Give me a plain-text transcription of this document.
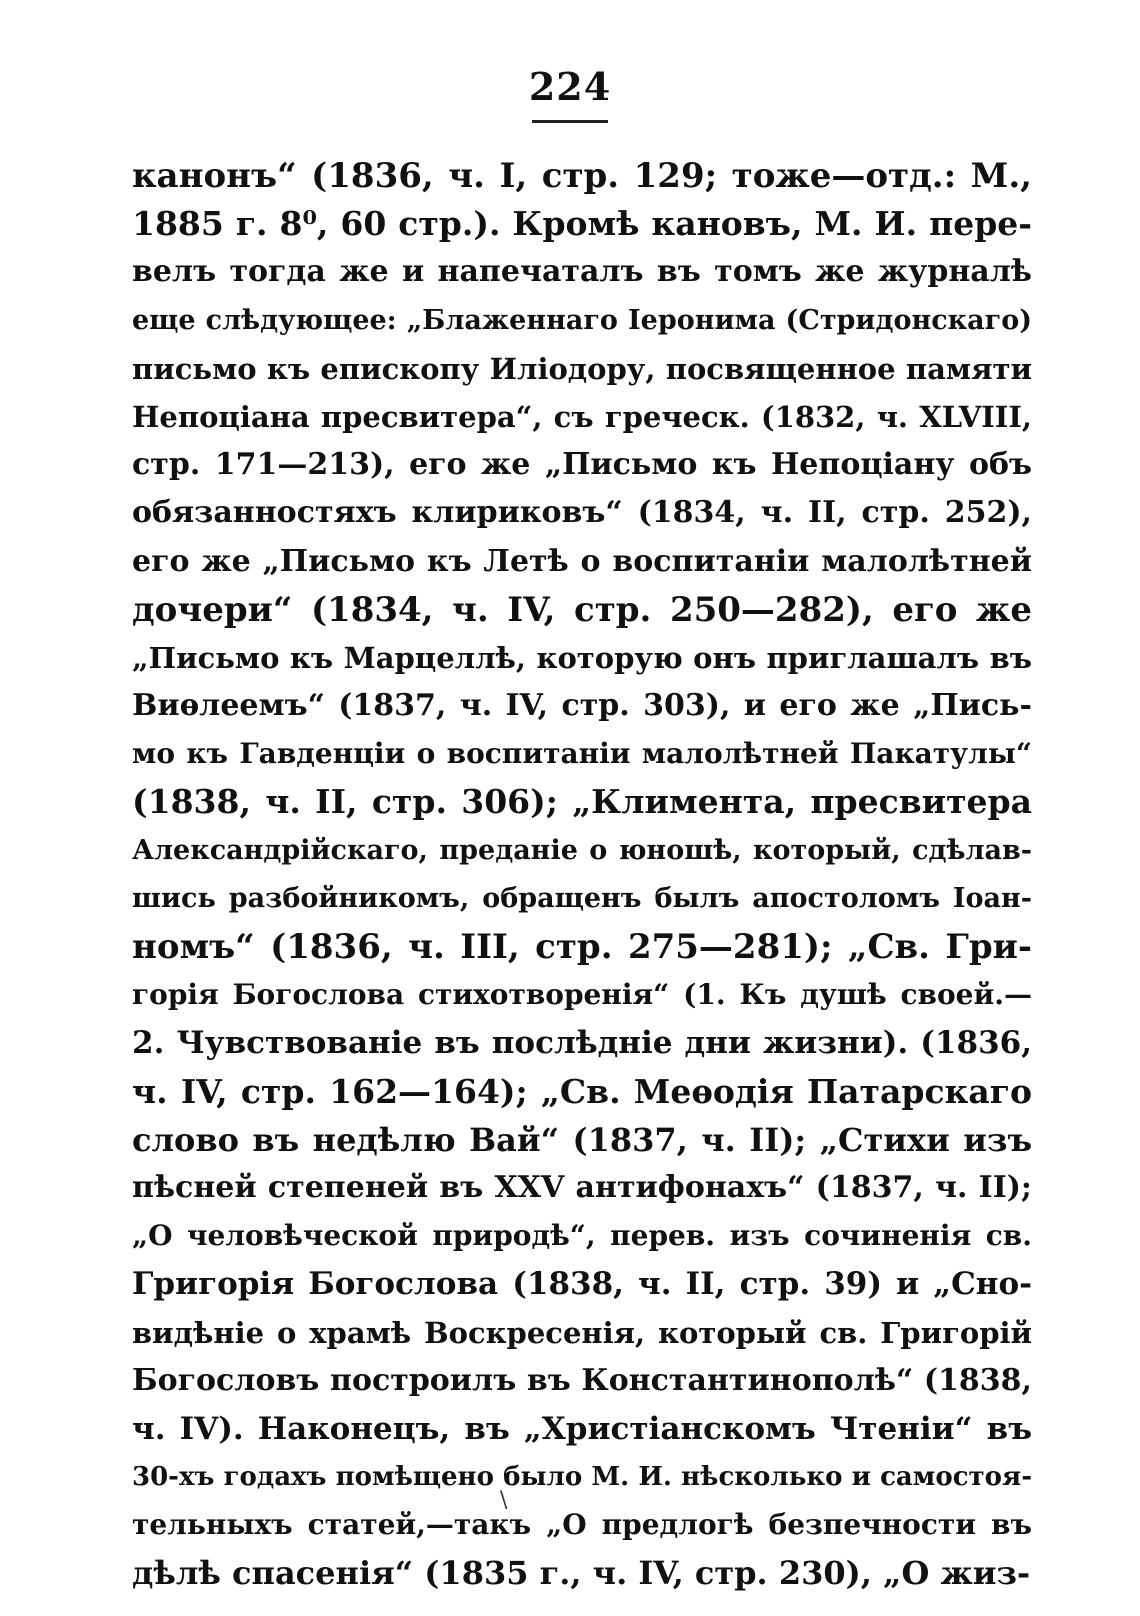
224
канонъ“ (1836, ч. I, стр. 129; тоже—отд.: М.,
1885 г. 8⁰, 60 стр.). Кромѣ кановъ, М. И. пере-
велъ тогда же и напечаталъ въ томъ же журналѣ
еще слѣдующее: „Блаженнаго Іеронима (Стридонскаго)
письмо къ епископу Иліодору, посвященное памяти
Непоціана пресвитера“, съ греческ. (1832, ч. XLVIII,
стр. 171—213), его же „Письмо къ Непоціану объ
обязанностяхъ клириковъ“ (1834, ч. II, стр. 252),
его же „Письмо къ Летѣ о воспитаніи малолѣтней
дочери“ (1834, ч. IV, стр. 250—282), его же
„Письмо къ Марцеллѣ, которую онъ приглашалъ въ
Виѳлеемъ“ (1837, ч. IV, стр. 303), и его же „Пись-
мо къ Гавденціи о воспитаніи малолѣтней Пакатулы“
(1838, ч. II, стр. 306); „Климента, пресвитера
Александрійскаго, преданіе о юношѣ, который, сдѣлав-
шись разбойникомъ, обращенъ былъ апостоломъ Іоан-
номъ“ (1836, ч. III, стр. 275—281); „Св. Гри-
горія Богослова стихотворенія“ (1. Къ душѣ своей.—
2. Чувствованіе въ послѣдніе дни жизни). (1836,
ч. IV, стр. 162—164); „Св. Меѳодія Патарскаго
слово въ недѣлю Вай“ (1837, ч. II); „Стихи изъ
пѣсней степеней въ XXV антифонахъ“ (1837, ч. II);
„О человѣческой природѣ“, перев. изъ сочиненія св.
Григорія Богослова (1838, ч. II, стр. 39) и „Сно-
видѣніе о храмѣ Воскресенія, который св. Григорій
Богословъ построилъ въ Константинополѣ“ (1838,
ч. IV). Наконецъ, въ „Христіанскомъ Чтеніи“ въ
30-хъ годахъ помѣщено было М. И. нѣсколько и самостоя-
тельныхъ статей,—такъ „О предлогѣ безпечности въ
дѣлѣ спасенія“ (1835 г., ч. IV, стр. 230), „О жиз-
\
